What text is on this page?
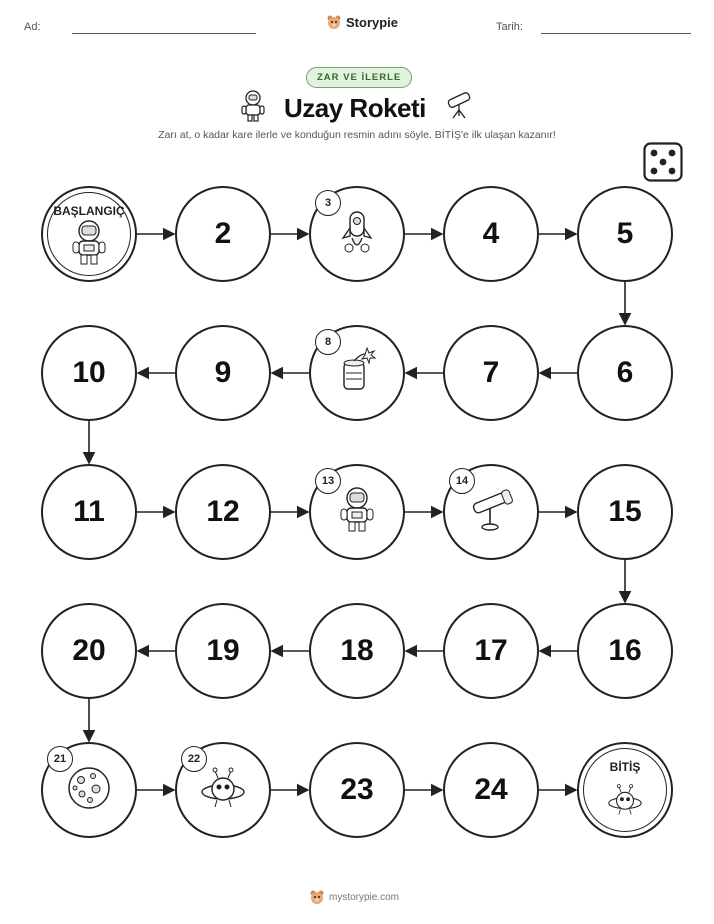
Ad:	Storypie	Tarih:
ZAR VE İLERLE
Uzay Roketi
Zarı at, o kadar kare ilerle ve konduğun resmin adını söyle. BİTİŞ'e ilk ulaşan kazanır!
BAŞLANGIÇ
2
3
4	5
6
7
8
9
10
11	12
13	14
15
16
17
18
19
20
21	22
23	24
BİTİŞ
mystorypie.com
